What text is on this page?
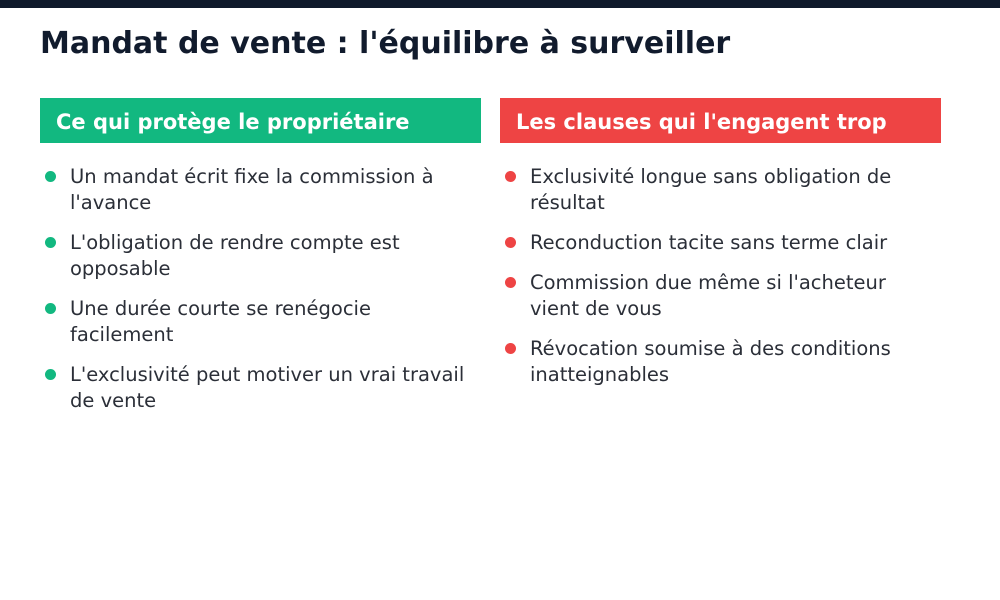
Mandat de vente : l'équilibre à surveiller
Ce qui protège le propriétaire
Un mandat écrit fixe la commission à l'avance
L'obligation de rendre compte est opposable
Une durée courte se renégocie facilement
L'exclusivité peut motiver un vrai travail de vente
Les clauses qui l'engagent trop
Exclusivité longue sans obligation de résultat
Reconduction tacite sans terme clair
Commission due même si l'acheteur vient de vous
Révocation soumise à des conditions inatteignables
